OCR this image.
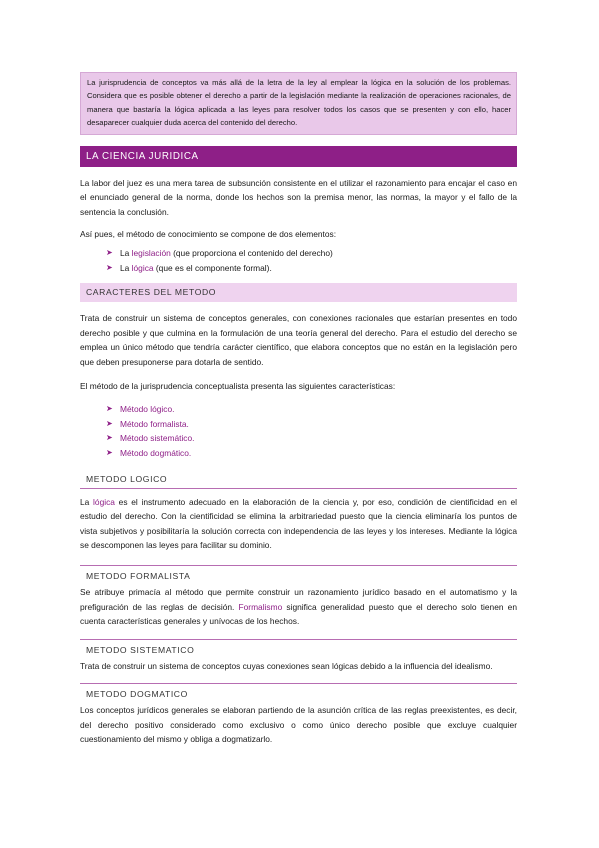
La jurisprudencia de conceptos va más allá de la letra de la ley al emplear la lógica en la solución de los problemas. Considera que es posible obtener el derecho a partir de la legislación mediante la realización de operaciones racionales, de manera que bastaría la lógica aplicada a las leyes para resolver todos los casos que se presenten y con ello, hacer desaparecer cualquier duda acerca del contenido del derecho.
LA CIENCIA JURIDICA

La labor del juez es una mera tarea de subsunción consistente en el utilizar el razonamiento para encajar el caso en el enunciado general de la norma, donde los hechos son la premisa menor, las normas, la mayor y el fallo de la sentencia la conclusión.

Así pues, el método de conocimiento se compone de dos elementos:

➤ La legislación (que proporciona el contenido del derecho)
➤ La lógica (que es el componente formal).
CARACTERES DEL METODO

Trata de construir un sistema de conceptos generales, con conexiones racionales que estarían presentes en todo derecho posible y que culmina en la formulación de una teoría general del derecho. Para el estudio del derecho se emplea un único método que tendría carácter científico, que elabora conceptos que no están en la legislación pero que deben presuponerse para dotarla de sentido.

El método de la jurisprudencia conceptualista presenta las siguientes características:

➤ Método lógico.
➤ Método formalista.
➤ Método sistemático.
➤ Método dogmático.
METODO LOGICO

La lógica es el instrumento adecuado en la elaboración de la ciencia y, por eso, condición de cientificidad en el estudio del derecho. Con la cientificidad se elimina la arbitrariedad puesto que la ciencia eliminaría los puntos de vista subjetivos y posibilitaría la solución correcta con independencia de las leyes y los intereses. Mediante la lógica se descomponen las leyes para facilitar su dominio.

METODO FORMALISTA

Se atribuye primacía al método que permite construir un razonamiento jurídico basado en el automatismo y la prefiguración de las reglas de decisión. Formalismo significa generalidad puesto que el derecho solo tienen en cuenta características generales y unívocas de los hechos.

METODO SISTEMATICO

Trata de construir un sistema de conceptos cuyas conexiones sean lógicas debido a la influencia del idealismo.

METODO DOGMATICO

Los conceptos jurídicos generales se elaboran partiendo de la asunción crítica de las reglas preexistentes, es decir, del derecho positivo considerado como exclusivo o como único derecho posible que excluye cualquier cuestionamiento del mismo y obliga a dogmatizarlo.
